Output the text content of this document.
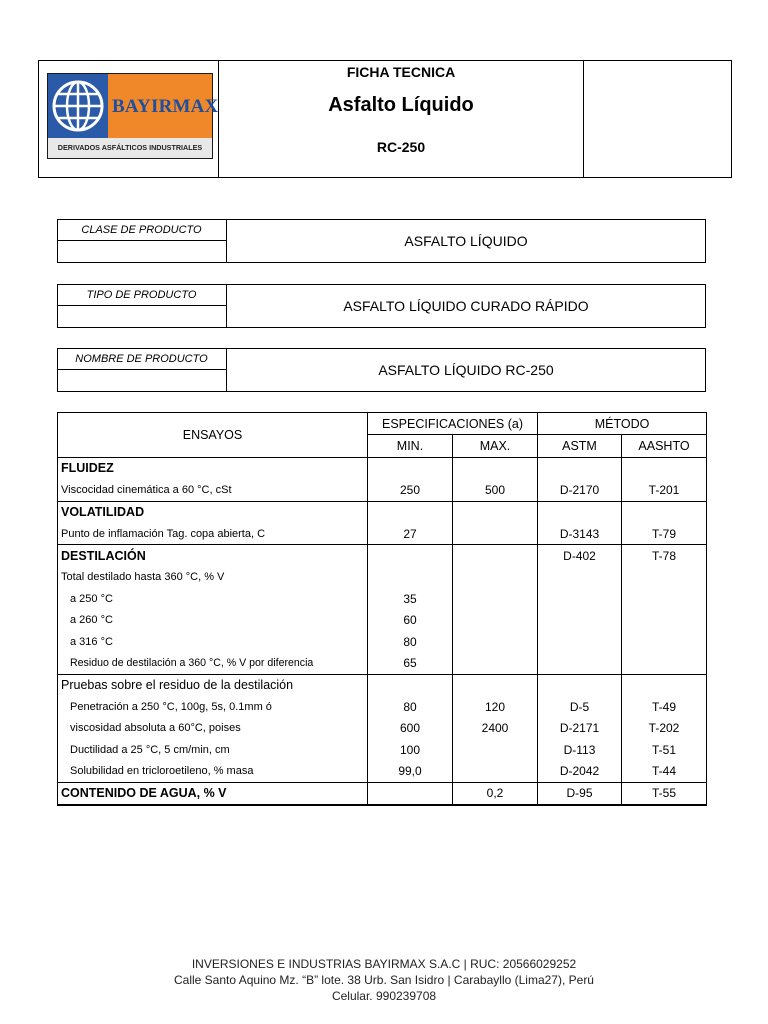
BAYIRMAX
DERIVADOS ASFÁLTICOS INDUSTRIALES
FICHA TECNICA
Asfalto Líquido
RC-250
CLASE DE PRODUCTO
ASFALTO LÍQUIDO
TIPO DE PRODUCTO
ASFALTO LÍQUIDO CURADO RÁPIDO
NOMBRE DE PRODUCTO
ASFALTO LÍQUIDO RC-250
ENSAYOS	ESPECIFICACIONES (a)		MÉTODO	
	MIN.	MAX.	ASTM	AASHTO
FLUIDEZ				
Viscocidad cinemática a 60 °C, cSt	250	500	D-2170	T-201
VOLATILIDAD				
Punto de inflamación Tag. copa abierta, C	27		D-3143	T-79
DESTILACIÓN			D-402	T-78
Total destilado hasta 360 °C, % V				
a 250 °C	35			
a 260 °C	60			
a 316 °C	80			
Residuo de destilación a 360 °C, % V por diferencia	65			
Pruebas sobre el residuo de la destilación				
Penetración a 250 °C, 100g, 5s, 0.1mm ó	80	120	D-5	T-49
viscosidad absoluta a 60°C, poises	600	2400	D-2171	T-202
Ductilidad a 25 °C, 5 cm/min, cm	100		D-113	T-51
Solubilidad en tricloroetileno, % masa	99,0		D-2042	T-44
CONTENIDO DE AGUA, % V		0,2	D-95	T-55
INVERSIONES E INDUSTRIAS BAYIRMAX S.A.C | RUC: 20566029252
Calle Santo Aquino Mz. “B” lote. 38 Urb. San Isidro | Carabayllo (Lima27), Perú
Celular. 990239708
